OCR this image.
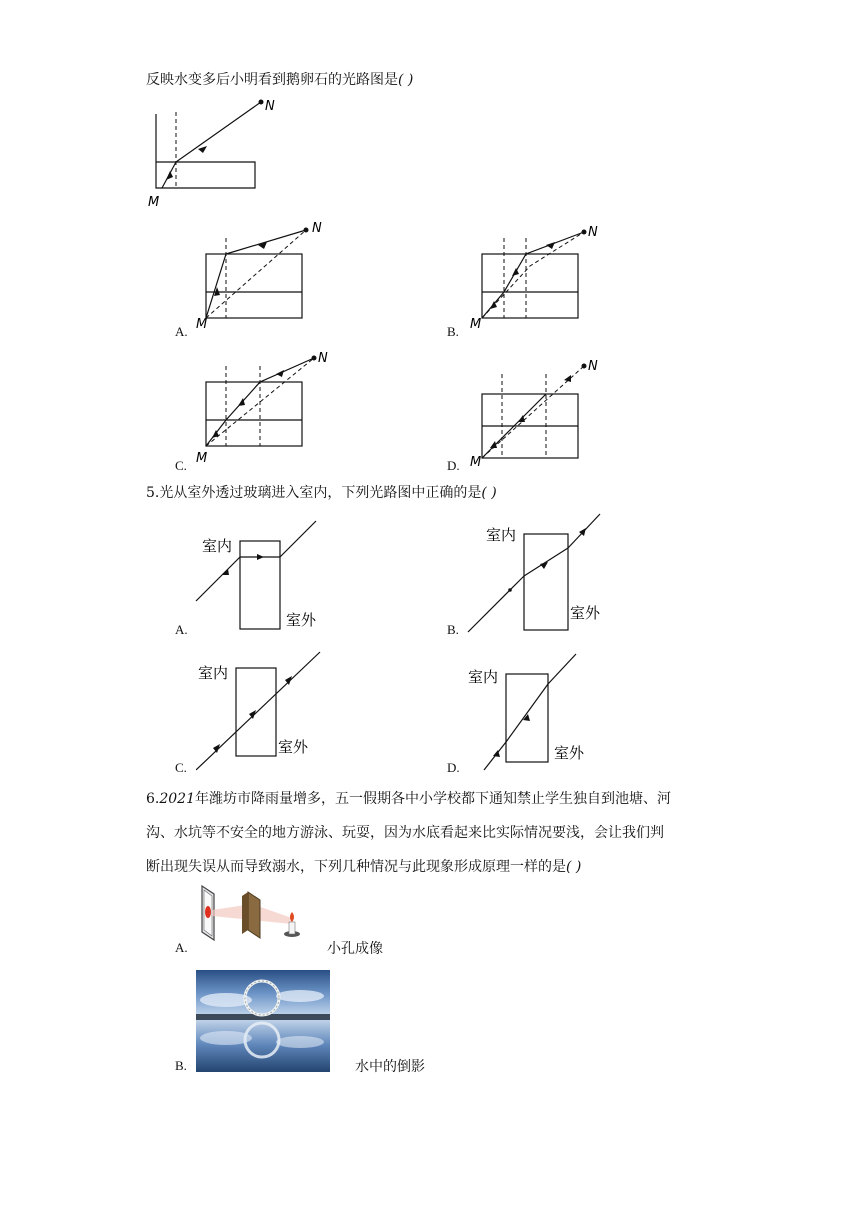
反映水变多后小明看到鹅卵石的光路图是( )
N
M
N
M
A.
N
M
B.
N
M
C.
N
M
D.
5.光从室外透过玻璃进入室内，下列光路图中正确的是( )
室内
室外
A.
室内
室外
B.
室内
室外
C.
室内
室外
D.
6.2021年潍坊市降雨量增多，五一假期各中小学校都下通知禁止学生独自到池塘、河
沟、水坑等不安全的地方游泳、玩耍，因为水底看起来比实际情况要浅，会让我们判
断出现失误从而导致溺水，下列几种情况与此现象形成原理一样的是( )
A.	小孔成像
B.	水中的倒影
